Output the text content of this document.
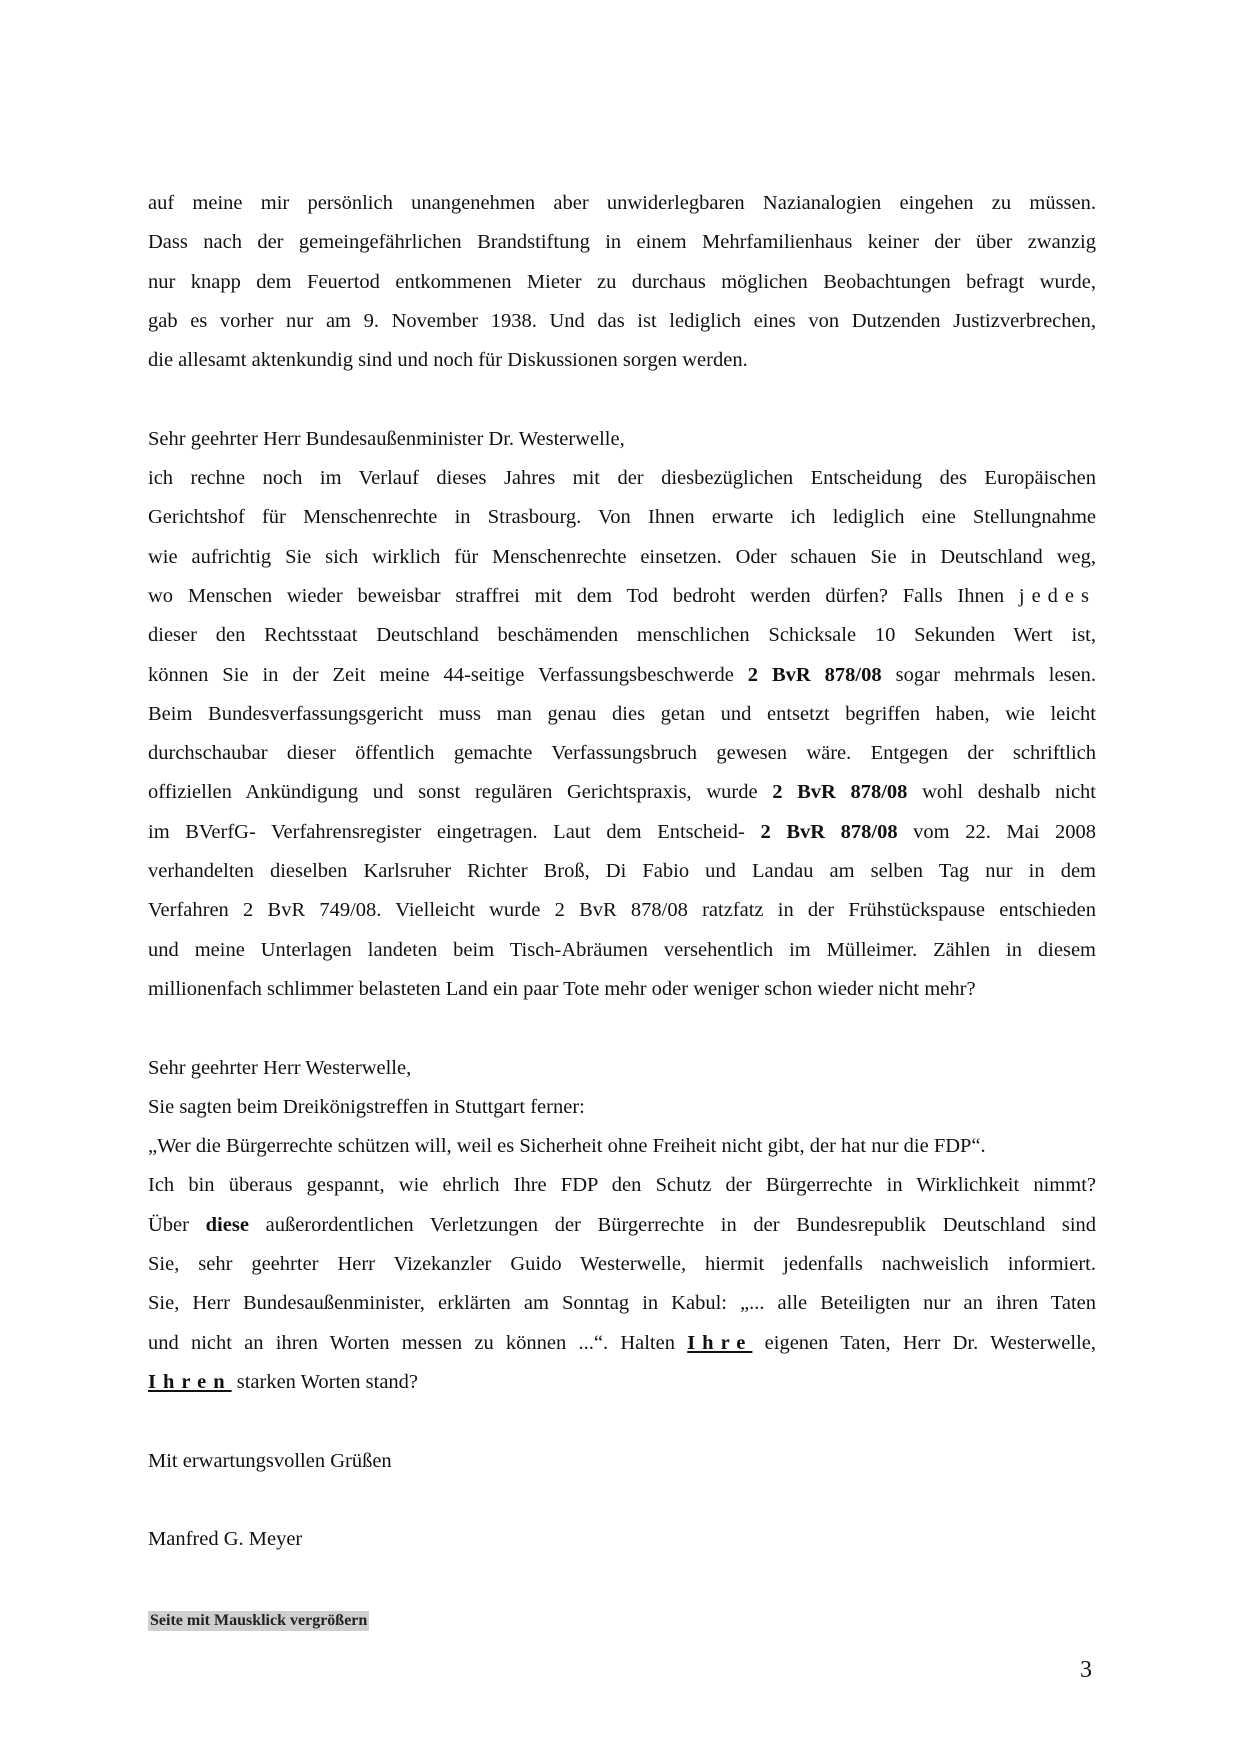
auf meine mir persönlich unangenehmen aber unwiderlegbaren Nazianalogien eingehen zu müssen.
Dass nach der gemeingefährlichen Brandstiftung in einem Mehrfamilienhaus keiner der über zwanzig
nur knapp dem Feuertod entkommenen Mieter zu durchaus möglichen Beobachtungen befragt wurde,
gab es vorher nur am 9. November 1938. Und das ist lediglich eines von Dutzenden Justizverbrechen,
die allesamt aktenkundig sind und noch für Diskussionen sorgen werden.
Sehr geehrter Herr Bundesaußenminister Dr. Westerwelle,
ich rechne noch im Verlauf dieses Jahres mit der diesbezüglichen Entscheidung des Europäischen
Gerichtshof für Menschenrechte in Strasbourg. Von Ihnen erwarte ich lediglich eine Stellungnahme
wie aufrichtig Sie sich wirklich für Menschenrechte einsetzen. Oder schauen Sie in Deutschland weg,
wo Menschen wieder beweisbar straffrei mit dem Tod bedroht werden dürfen? Falls Ihnen jedes
dieser den Rechtsstaat Deutschland beschämenden menschlichen Schicksale 10 Sekunden Wert ist,
können Sie in der Zeit meine 44-seitige Verfassungsbeschwerde 2 BvR 878/08 sogar mehrmals lesen.
Beim Bundesverfassungsgericht muss man genau dies getan und entsetzt begriffen haben, wie leicht
durchschaubar dieser öffentlich gemachte Verfassungsbruch gewesen wäre. Entgegen der schriftlich
offiziellen Ankündigung und sonst regulären Gerichtspraxis, wurde 2 BvR 878/08 wohl deshalb nicht
im BVerfG- Verfahrensregister eingetragen. Laut dem Entscheid- 2 BvR 878/08 vom 22. Mai 2008
verhandelten dieselben Karlsruher Richter Broß, Di Fabio und Landau am selben Tag nur in dem
Verfahren 2 BvR 749/08. Vielleicht wurde 2 BvR 878/08 ratzfatz in der Frühstückspause entschieden
und meine Unterlagen landeten beim Tisch-Abräumen versehentlich im Mülleimer. Zählen in diesem
millionenfach schlimmer belasteten Land ein paar Tote mehr oder weniger schon wieder nicht mehr?
Sehr geehrter Herr Westerwelle,
Sie sagten beim Dreikönigstreffen in Stuttgart ferner:
„Wer die Bürgerrechte schützen will, weil es Sicherheit ohne Freiheit nicht gibt, der hat nur die FDP“.
Ich bin überaus gespannt, wie ehrlich Ihre FDP den Schutz der Bürgerrechte in Wirklichkeit nimmt?
Über diese außerordentlichen Verletzungen der Bürgerrechte in der Bundesrepublik Deutschland sind
Sie, sehr geehrter Herr Vizekanzler Guido Westerwelle, hiermit jedenfalls nachweislich informiert.
Sie, Herr Bundesaußenminister, erklärten am Sonntag in Kabul: „... alle Beteiligten nur an ihren Taten
und nicht an ihren Worten messen zu können ...“. Halten Ihre eigenen Taten, Herr Dr. Westerwelle,
Ihren starken Worten stand?
Mit erwartungsvollen Grüßen
Manfred G. Meyer
Seite mit Mausklick vergrößern
3
